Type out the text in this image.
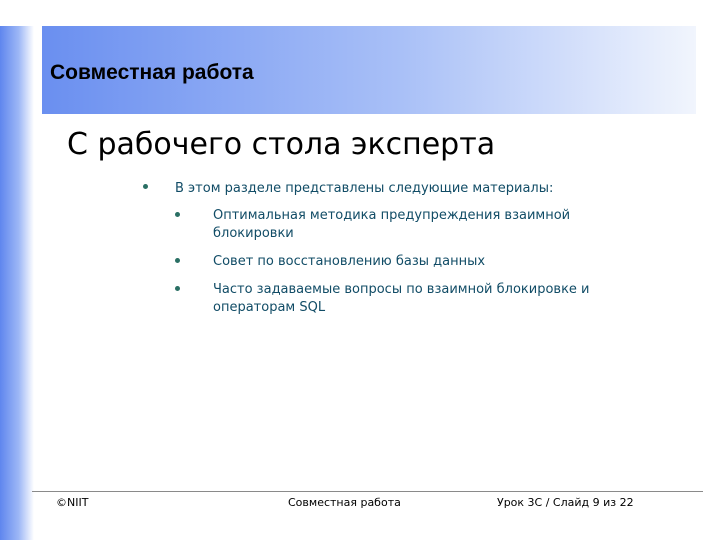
Совместная работа
С рабочего стола эксперта
В этом разделе представлены следующие материалы:
Оптимальная методика предупреждения взаимной блокировки
Совет по восстановлению базы данных
Часто задаваемые вопросы по взаимной блокировке и операторам SQL
©NIIT	Совместная работа	Урок 3С / Слайд 9 из 22
